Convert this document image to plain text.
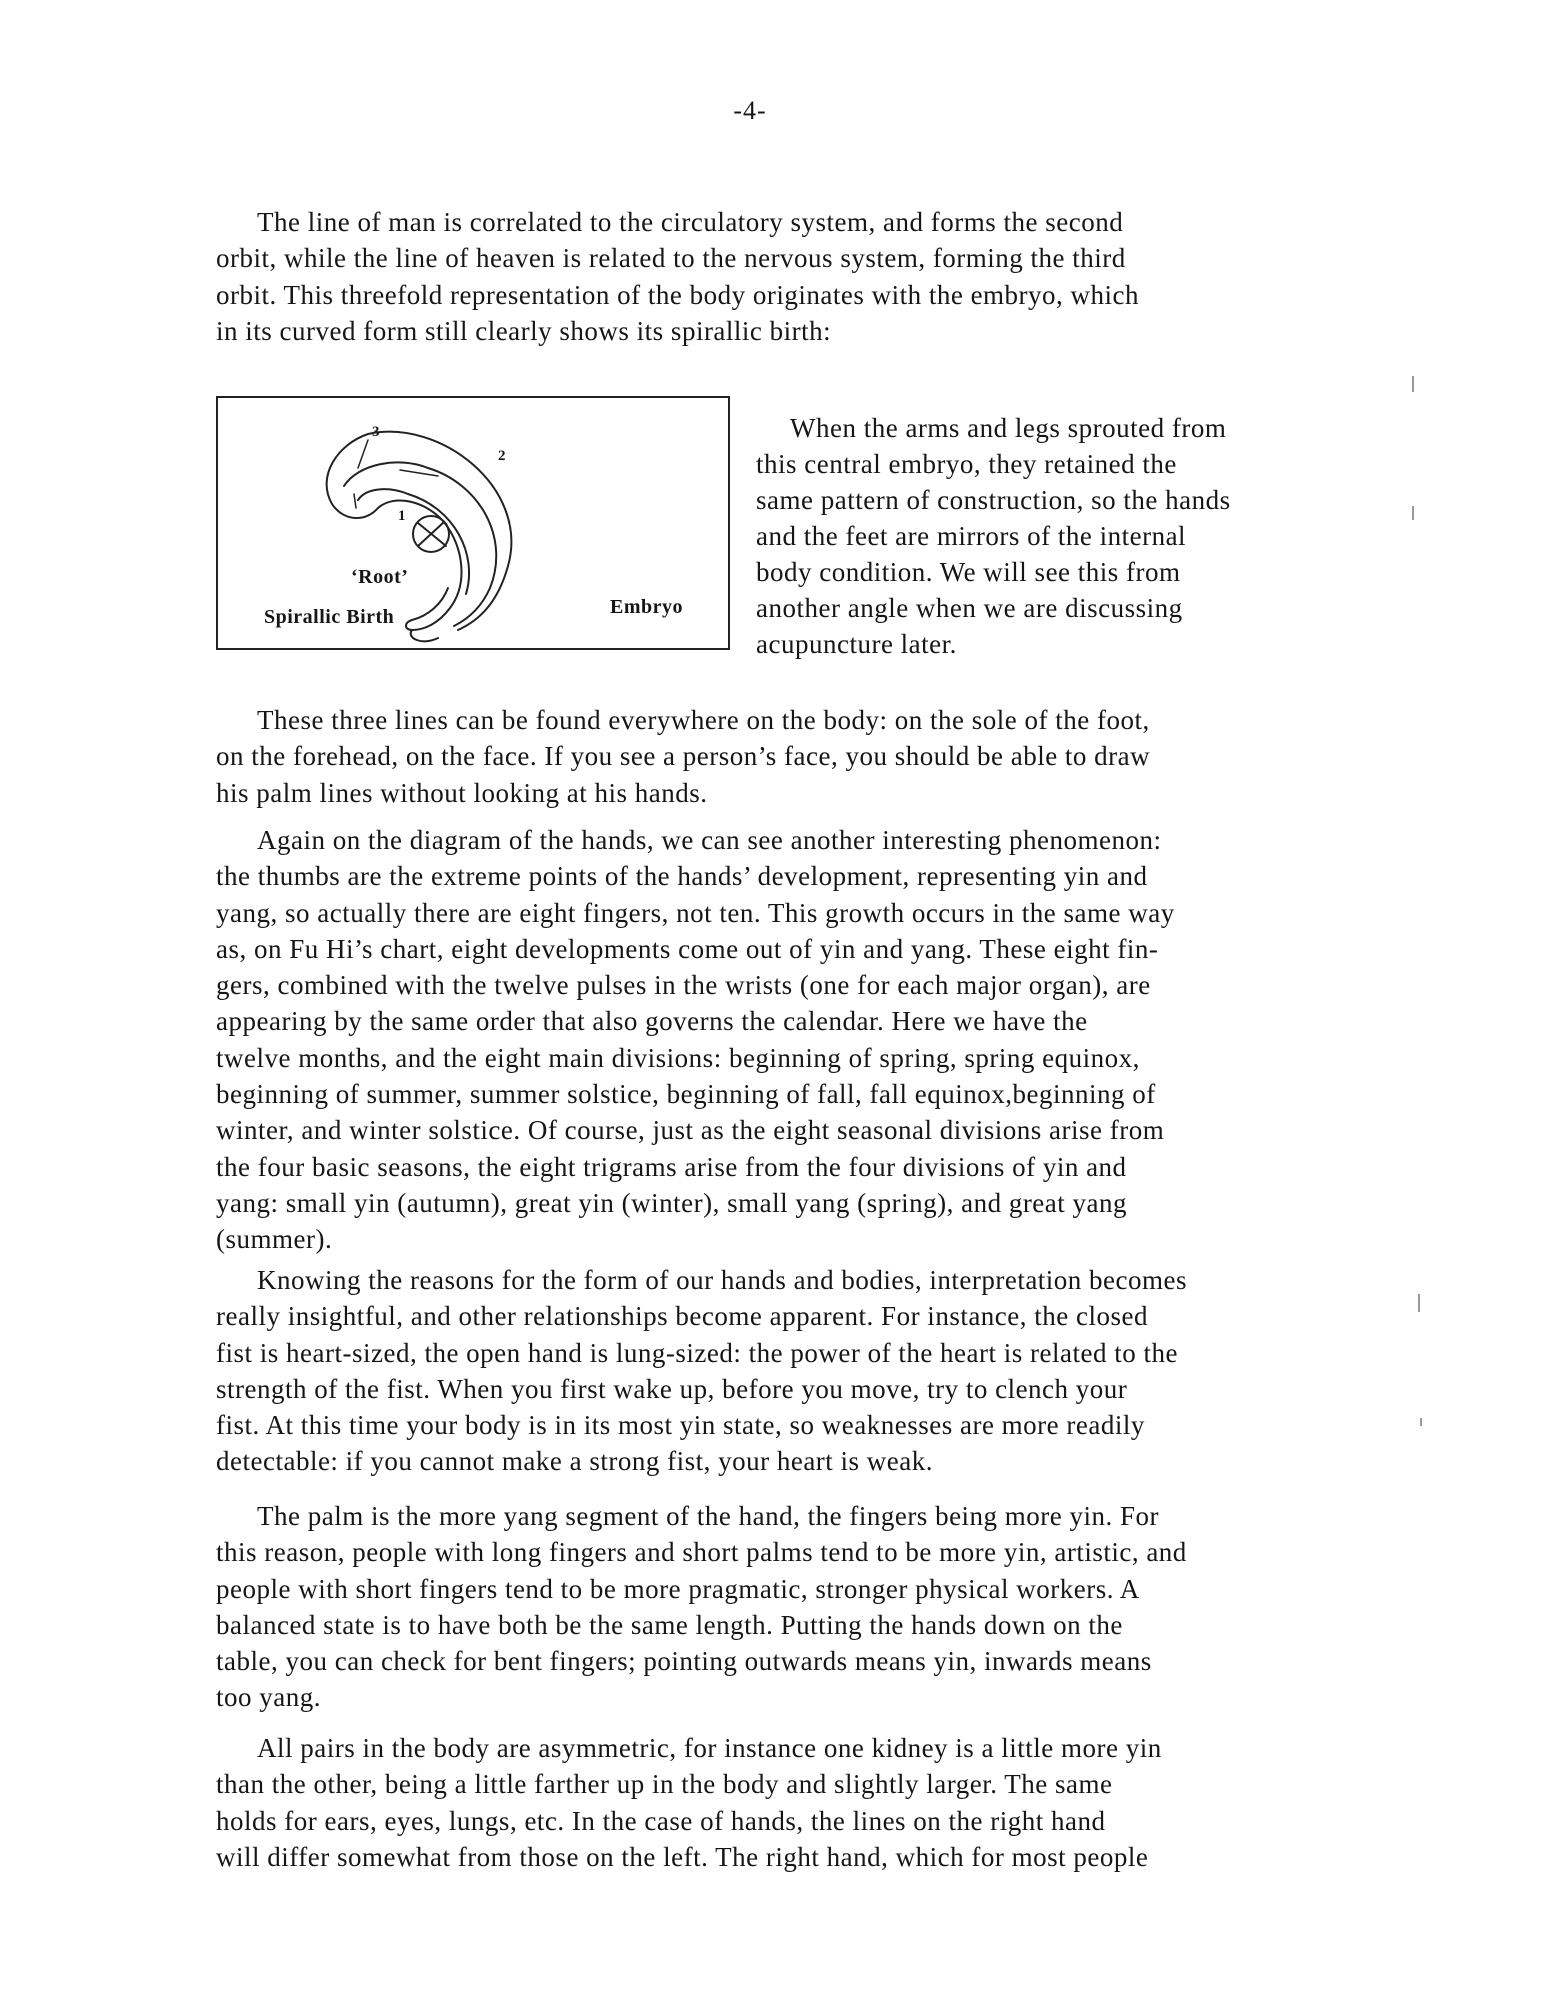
-4-

The line of man is correlated to the circulatory system, and forms the second
orbit, while the line of heaven is related to the nervous system, forming the third
orbit. This threefold representation of the body originates with the embryo, which
in its curved form still clearly shows its spirallic birth:

3
2
1
‘Root’
Spirallic Birth	Embryo

When the arms and legs sprouted from
this central embryo, they retained the
same pattern of construction, so the hands
and the feet are mirrors of the internal
body condition. We will see this from
another angle when we are discussing
acupuncture later.

These three lines can be found everywhere on the body: on the sole of the foot,
on the forehead, on the face. If you see a person’s face, you should be able to draw
his palm lines without looking at his hands.

Again on the diagram of the hands, we can see another interesting phenomenon:
the thumbs are the extreme points of the hands’ development, representing yin and
yang, so actually there are eight fingers, not ten. This growth occurs in the same way
as, on Fu Hi’s chart, eight developments come out of yin and yang. These eight fin-
gers, combined with the twelve pulses in the wrists (one for each major organ), are
appearing by the same order that also governs the calendar. Here we have the
twelve months, and the eight main divisions: beginning of spring, spring equinox,
beginning of summer, summer solstice, beginning of fall, fall equinox,beginning of
winter, and winter solstice. Of course, just as the eight seasonal divisions arise from
the four basic seasons, the eight trigrams arise from the four divisions of yin and
yang: small yin (autumn), great yin (winter), small yang (spring), and great yang
(summer).

Knowing the reasons for the form of our hands and bodies, interpretation becomes
really insightful, and other relationships become apparent. For instance, the closed
fist is heart-sized, the open hand is lung-sized: the power of the heart is related to the
strength of the fist. When you first wake up, before you move, try to clench your
fist. At this time your body is in its most yin state, so weaknesses are more readily
detectable: if you cannot make a strong fist, your heart is weak.

The palm is the more yang segment of the hand, the fingers being more yin. For
this reason, people with long fingers and short palms tend to be more yin, artistic, and
people with short fingers tend to be more pragmatic, stronger physical workers. A
balanced state is to have both be the same length. Putting the hands down on the
table, you can check for bent fingers; pointing outwards means yin, inwards means
too yang.

All pairs in the body are asymmetric, for instance one kidney is a little more yin
than the other, being a little farther up in the body and slightly larger. The same
holds for ears, eyes, lungs, etc. In the case of hands, the lines on the right hand
will differ somewhat from those on the left. The right hand, which for most people
